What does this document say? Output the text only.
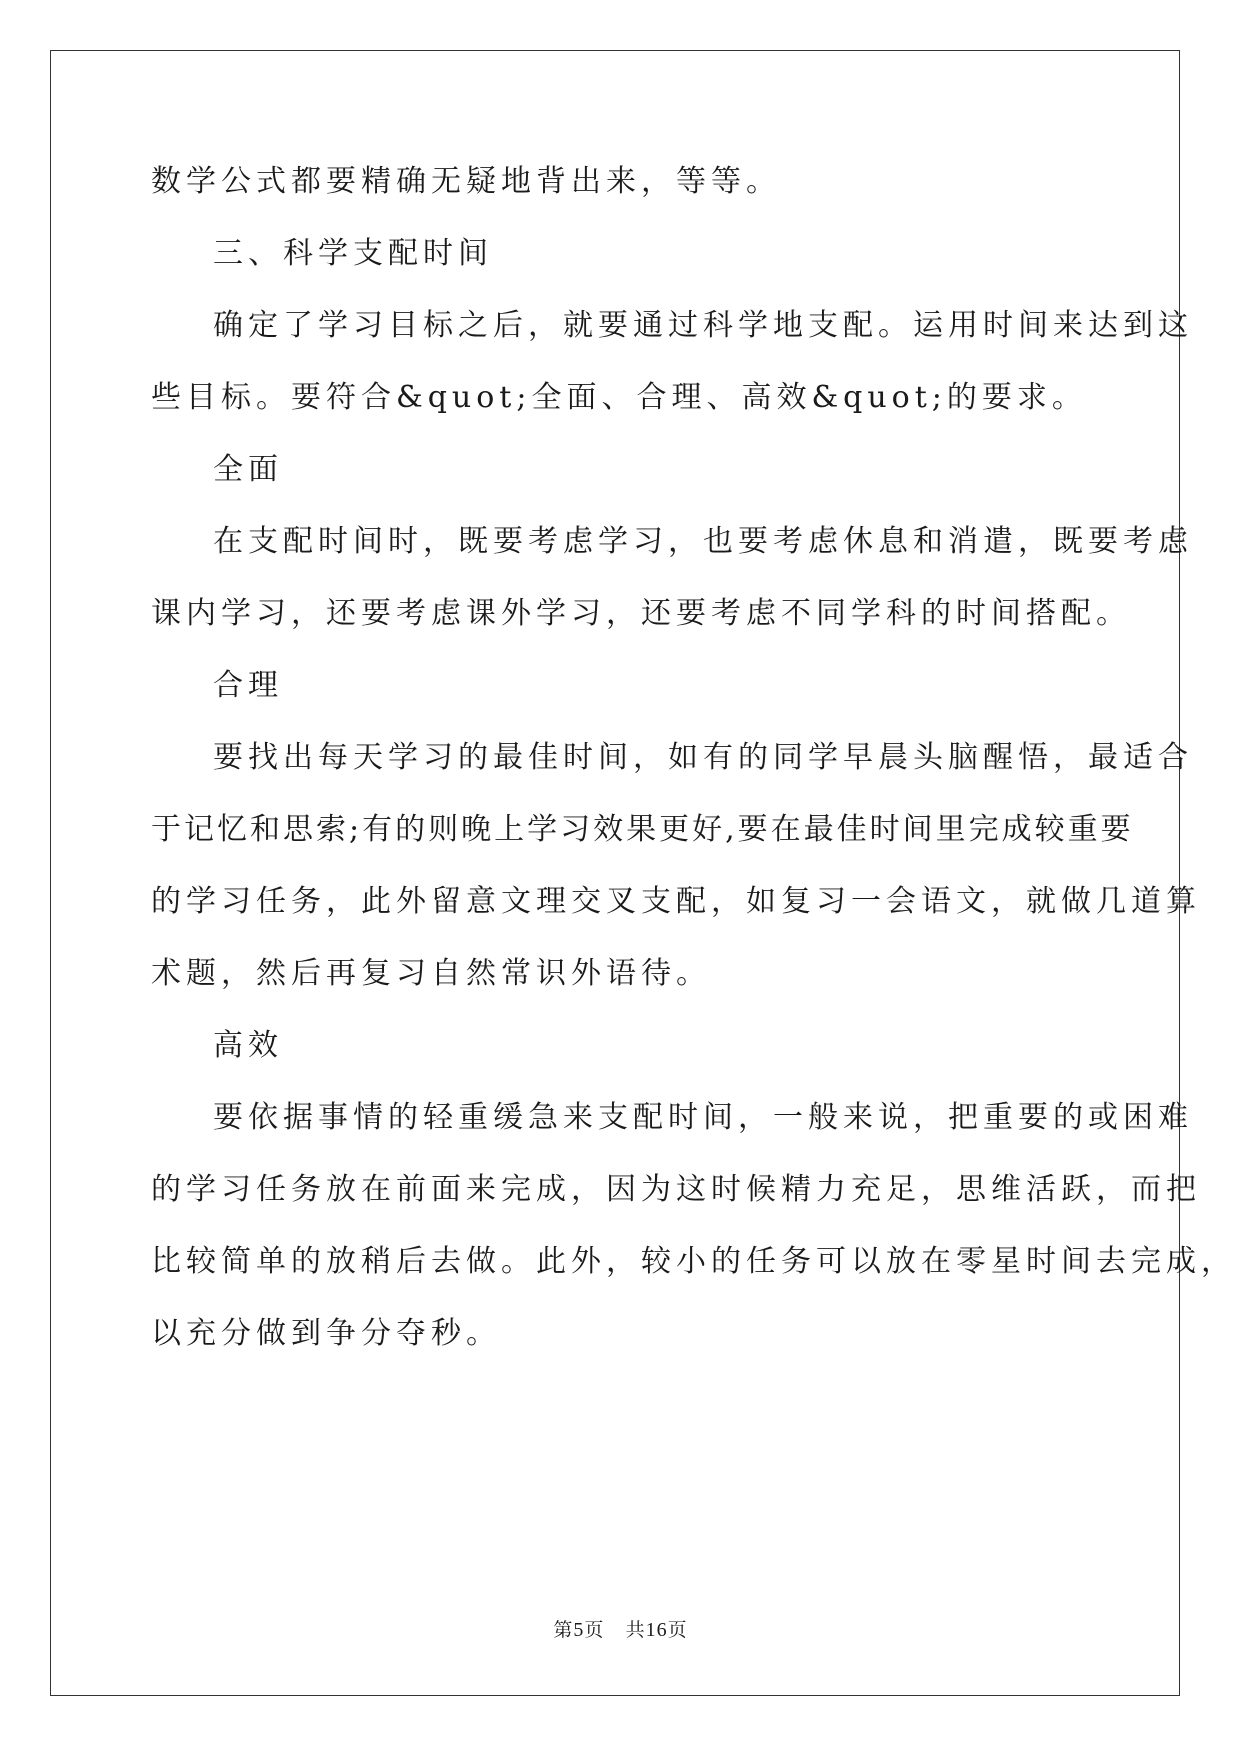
数学公式都要精确无疑地背出来，等等。
三、科学支配时间
确定了学习目标之后，就要通过科学地支配。运用时间来达到这
些目标。要符合&quot;全面、合理、高效&quot;的要求。
全面
在支配时间时，既要考虑学习，也要考虑休息和消遣，既要考虑
课内学习，还要考虑课外学习，还要考虑不同学科的时间搭配。
合理
要找出每天学习的最佳时间，如有的同学早晨头脑醒悟，最适合
于记忆和思索;有的则晚上学习效果更好,要在最佳时间里完成较重要
的学习任务，此外留意文理交叉支配，如复习一会语文，就做几道算
术题，然后再复习自然常识外语待。
高效
要依据事情的轻重缓急来支配时间，一般来说，把重要的或困难
的学习任务放在前面来完成，因为这时候精力充足，思维活跃，而把
比较简单的放稍后去做。此外，较小的任务可以放在零星时间去完成，
以充分做到争分夺秒。
第5页 共16页
